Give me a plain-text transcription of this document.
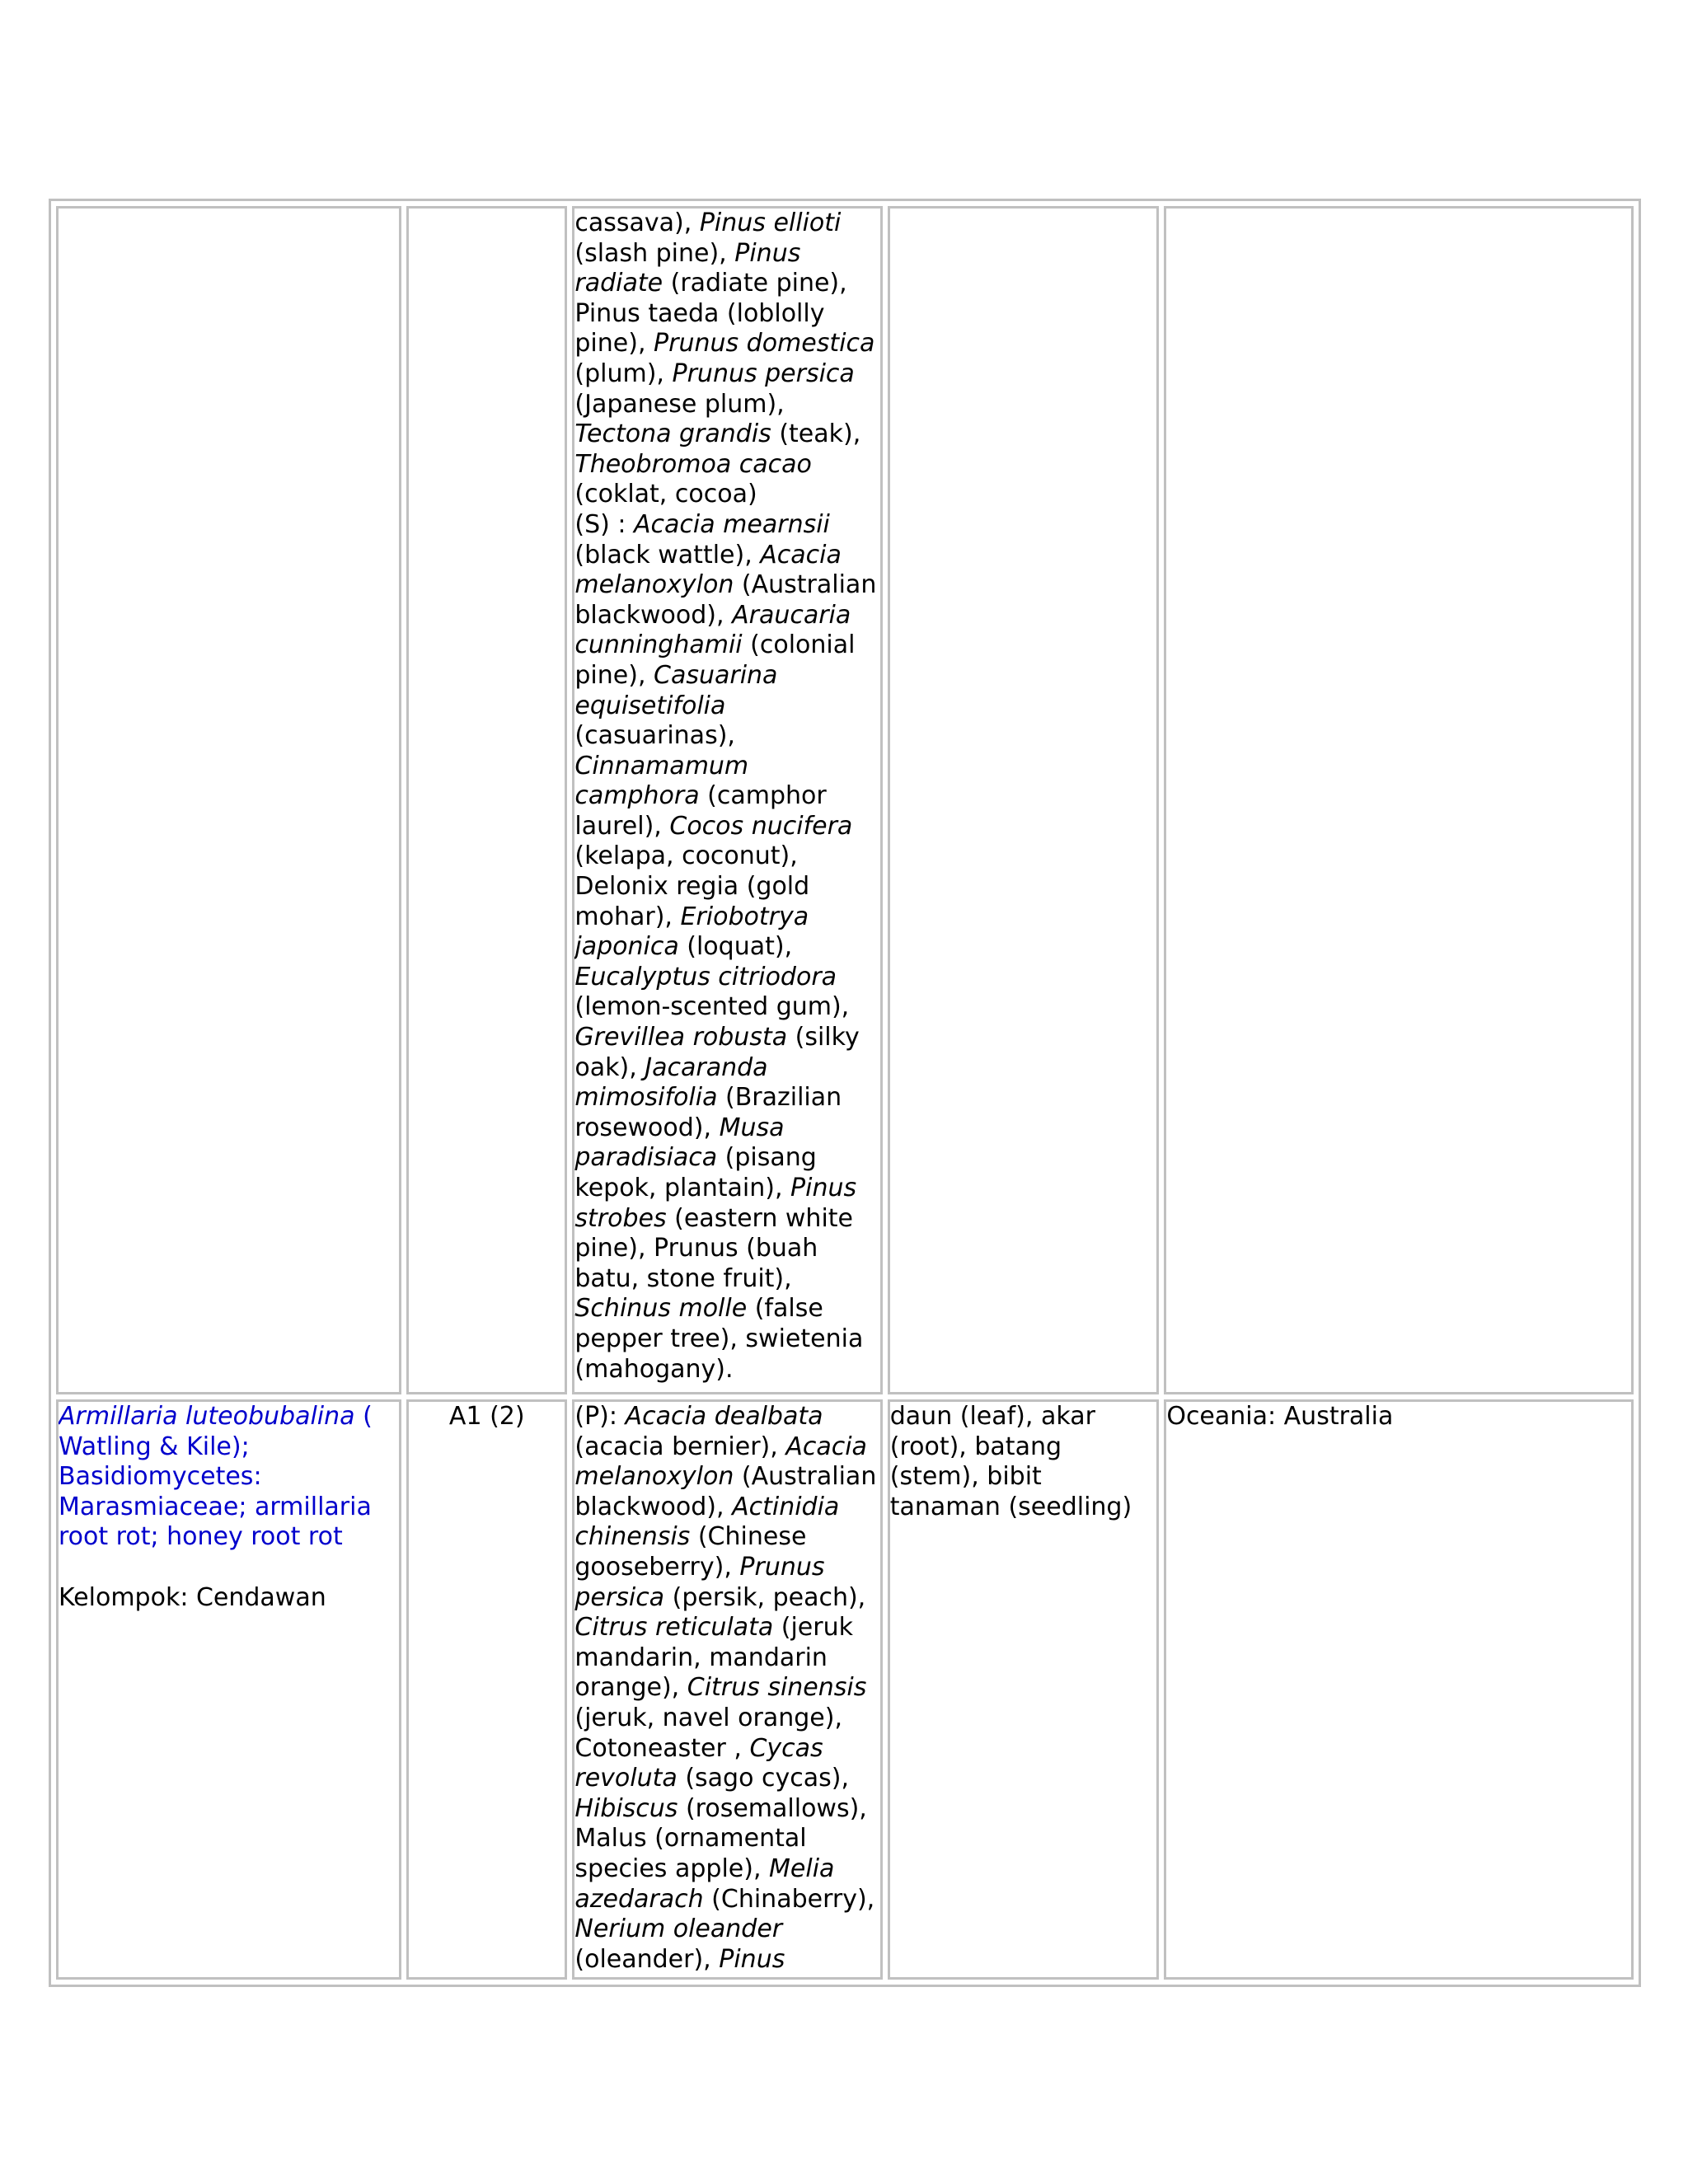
		cassava), Pinus ellioti (slash pine), Pinus radiate (radiate pine), Pinus taeda (loblolly pine), Prunus domestica (plum), Prunus persica (Japanese plum), Tectona grandis (teak), Theobromoa cacao (coklat, cocoa)
(S) : Acacia mearnsii (black wattle), Acacia melanoxylon (Australian blackwood), Araucaria cunninghamii (colonial pine), Casuarina equisetifolia (casuarinas), Cinnamamum camphora (camphor laurel), Cocos nucifera (kelapa, coconut), Delonix regia (gold mohar), Eriobotrya japonica (loquat), Eucalyptus citriodora (lemon-scented gum), Grevillea robusta (silky oak), Jacaranda mimosifolia (Brazilian rosewood), Musa paradisiaca (pisang kepok, plantain), Pinus strobes (eastern white pine), Prunus (buah batu, stone fruit), Schinus molle (false pepper tree), swietenia (mahogany).		

Armillaria luteobubalina ( Watling & Kile); Basidiomycetes: Marasmiaceae; armillaria root rot; honey root rot
Kelompok: Cendawan	A1 (2)	(P): Acacia dealbata (acacia bernier), Acacia melanoxylon (Australian blackwood), Actinidia chinensis (Chinese gooseberry), Prunus persica (persik, peach), Citrus reticulata (jeruk mandarin, mandarin orange), Citrus sinensis (jeruk, navel orange), Cotoneaster , Cycas revoluta (sago cycas), Hibiscus (rosemallows), Malus (ornamental species apple), Melia azedarach (Chinaberry), Nerium oleander (oleander), Pinus	daun (leaf), akar (root), batang (stem), bibit tanaman (seedling)	Oceania: Australia
